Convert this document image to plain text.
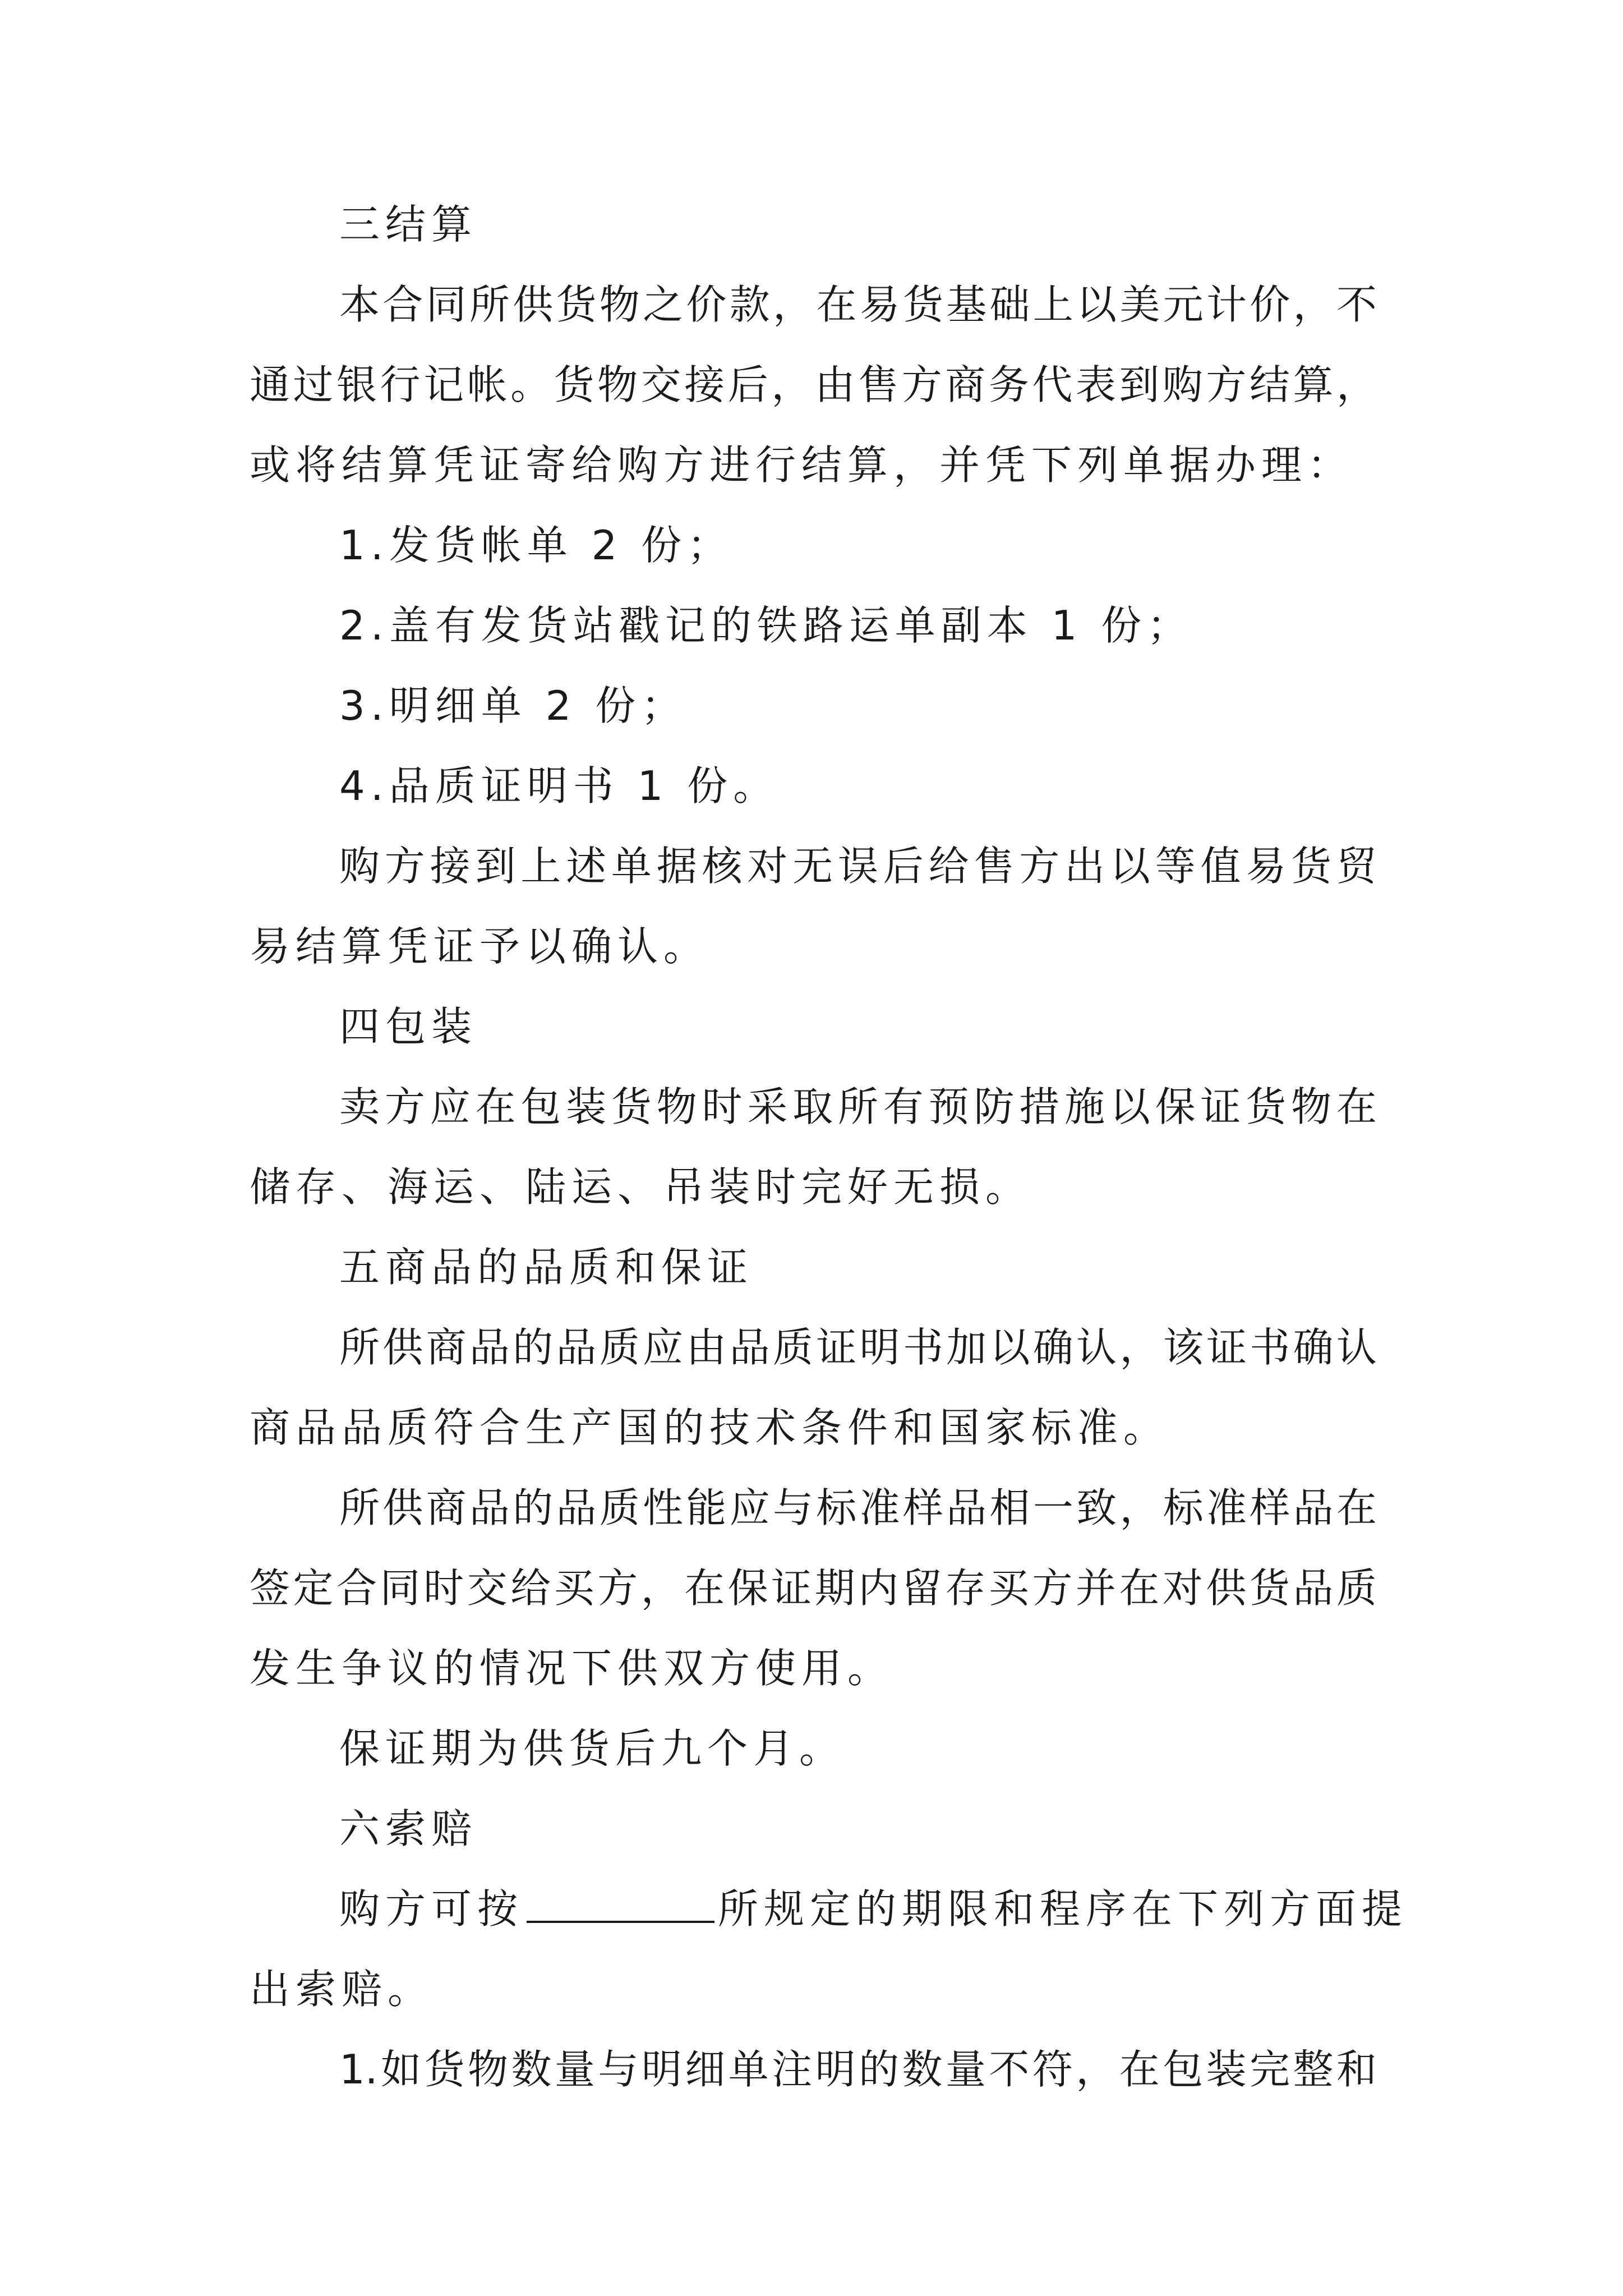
三结算
本合同所供货物之价款，在易货基础上以美元计价，不
通过银行记帐。货物交接后，由售方商务代表到购方结算，
或将结算凭证寄给购方进行结算，并凭下列单据办理：
1.发货帐单 2 份；
2.盖有发货站戳记的铁路运单副本 1 份；
3.明细单 2 份；
4.品质证明书 1 份。
购方接到上述单据核对无误后给售方出以等值易货贸
易结算凭证予以确认。
四包装
卖方应在包装货物时采取所有预防措施以保证货物在
储存、海运、陆运、吊装时完好无损。
五商品的品质和保证
所供商品的品质应由品质证明书加以确认，该证书确认
商品品质符合生产国的技术条件和国家标准。
所供商品的品质性能应与标准样品相一致，标准样品在
签定合同时交给买方，在保证期内留存买方并在对供货品质
发生争议的情况下供双方使用。
保证期为供货后九个月。
六索赔
购方可按	所规定的期限和程序在下列方面提
出索赔。
1.如货物数量与明细单注明的数量不符，在包装完整和
